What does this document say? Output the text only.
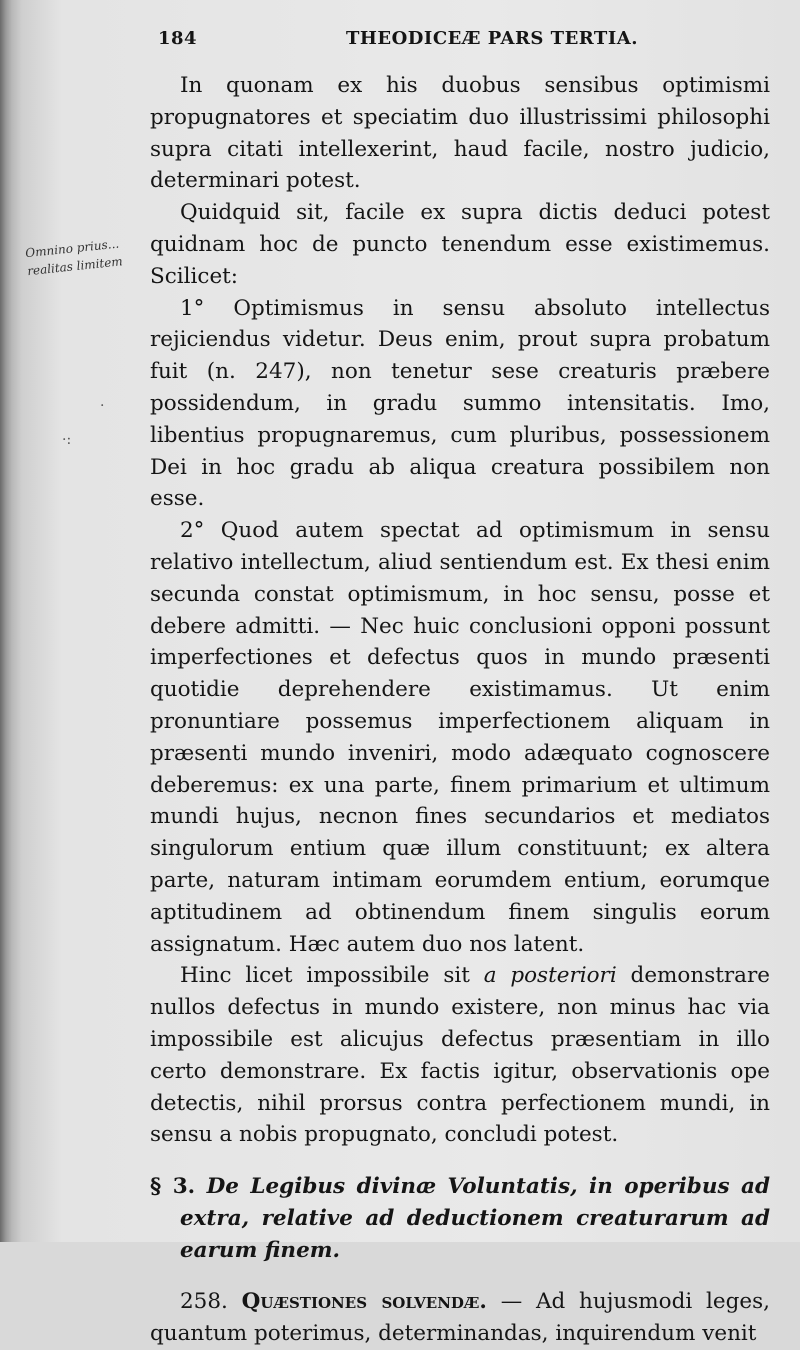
184	THEODICEÆ PARS TERTIA.
Omnino prius... realitas limitem
·
·:

In quonam ex his duobus sensibus optimismi propugnatores et speciatim duo illustrissimi philosophi supra citati intellexerint, haud facile, nostro judicio, determinari potest.

Quidquid sit, facile ex supra dictis deduci potest quidnam hoc de puncto tenendum esse existimemus. Scilicet:

1° Optimismus in sensu absoluto intellectus rejiciendus videtur. Deus enim, prout supra probatum fuit (n. 247), non tenetur sese creaturis præbere possidendum, in gradu summo intensitatis. Imo, libentius propugnaremus, cum pluribus, possessionem Dei in hoc gradu ab aliqua creatura possibilem non esse.

2° Quod autem spectat ad optimismum in sensu relativo intellectum, aliud sentiendum est. Ex thesi enim secunda constat optimismum, in hoc sensu, posse et debere admitti. — Nec huic conclusioni opponi possunt imperfectiones et defectus quos in mundo præsenti quotidie deprehendere existimamus. Ut enim pronuntiare possemus imperfectionem aliquam in præsenti mundo inveniri, modo adæquato cognoscere deberemus: ex una parte, finem primarium et ultimum mundi hujus, necnon fines secundarios et mediatos singulorum entium quæ illum constituunt; ex altera parte, naturam intimam eorumdem entium, eorumque aptitudinem ad obtinendum finem singulis eorum assignatum. Hæc autem duo nos latent.

Hinc licet impossibile sit a posteriori demonstrare nullos defectus in mundo existere, non minus hac via impossibile est alicujus defectus præsentiam in illo certo demonstrare. Ex factis igitur, observationis ope detectis, nihil prorsus contra perfectionem mundi, in sensu a nobis propugnato, concludi potest.

§ 3. De Legibus divinæ Voluntatis, in operibus ad extra, relative ad deductionem creaturarum ad earum finem.

258. Quæstiones solvendæ. — Ad hujusmodi leges, quantum poterimus, determinandas, inquirendum venit
